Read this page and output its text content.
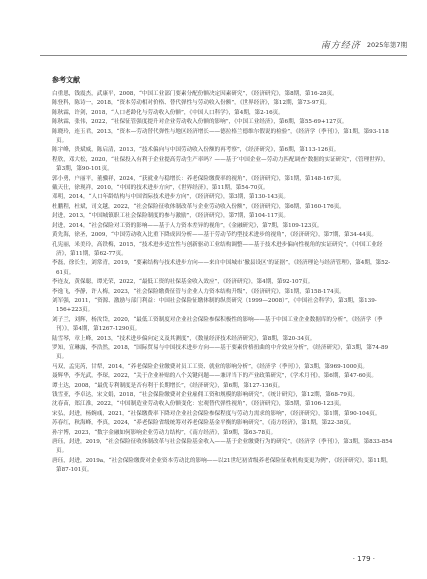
南方经济 2025年第7期
参考文献
白重恩，钱震杰，武康平，2008，“中国工业部门要素分配份额决定因素研究”，《经济研究》，第8期，第16-28页。
陈登科，陈诗一，2018，“资本劳动相对价格、替代弹性与劳动收入份额”，《世界经济》，第12期，第73-97页。
陈秋霖，许剑，2018，“人口老龄化与劳动收入份额”，《中国人口科学》，第4期，第2-16页。
陈秋霖，张伟，2022，“社保征管强度提升对企业劳动收入份额的影响”，《中国工业经济》，第6期，第55-69+127页。
陈晓玲，连玉君，2013，“资本—劳动替代弹性与地区经济增长——德拉格兰德维尔假说的检验”，《经济学（季刊）》，第1期，第93-118页。
陈宇峰，贵斌威，陈启清，2013，“技术偏向与中国劳动收入份额的再考察”，《经济研究》，第6期，第113-126页。
程欣，邓大松，2020，“社保投入有利于企业提高劳动生产率吗？——基于‘中国企业—劳动力匹配调查’数据的实证研究”，《管理世界》，第3期，第90-101页。
郭小勇，户丽平，董骥祥，2024，“获就业与稳增长：养老保险缴费率的视角”，《经济研究》，第1期，第148-167页。
戴天仕，徐现祥，2010，“中国的技术进步方向”，《世界经济》，第11期，第54-70页。
邓明，2014，“人口年龄结构与中国省际技术进步方向”，《经济研究》，第3期，第130-143页。
杜鹏程，杜斌，司文越，2022，“社会保险征收体制改革与企业劳动收入份额”，《经济研究》，第6期，第160-176页。
封进，2013，“中国城镇职工社会保险制度的参与激励”，《经济研究》，第7期，第104-117页。
封进，2014，“社会保险对工资的影响——基于人力资本差异的视角”，《金融研究》，第7期，第109-123页。
黄先海，徐圣，2009，“中国劳动收入比重下降成因分析——基于劳动节约型技术进步的视角”，《经济研究》，第7期，第34-44页。
孔宪丽，米美玲，高铁梅，2015，“技术进步适宜性与创新驱动工业结构调整——基于技术进步偏向性视角的实证研究”，《中国工业经济》，第11期，第62-77页。
李磊，徐长生，刘常青，2019，“要素结构与技术进步方向——来自中国城市‘撤县设区’的证据”，《经济理论与经济管理》，第4期，第52-61页。
李连友，黄保聪，谭光荣，2022，“最低工资的社保基金收入效应”，《经济研究》，第4期，第92-107页。
李逸飞，李静，许人梅，2023，“社会保险缴费征管与企业人力资本结构升级”，《经济研究》，第1期，第158-174页。
刘军强，2011，“资源、激励与部门利益：中国社会保险征缴体制的纵贯研究（1999—2008）”，《中国社会科学》，第3期，第139-156+223页。
刘子兰，刘辉，杨汝岱，2020，“最低工资制度对企业社会保险参保积极性的影响——基于中国工业企业数据库的分析”，《经济学（季刊）》，第4期，第1267-1290页。
陆雪琴，章上峰，2013，“技术进步偏向定义及其测度”，《数量经济技术经济研究》，第8期，第20-34页。
罗知，宣琳露，李浩然，2018，“国际贸易与中国技术进步方向——基于要素价格扭曲的中介效应分析”，《经济研究》，第3期，第74-89页。
马双，孟宪芮，甘犁，2014，“养老保险企业缴费对员工工资、就业的影响分析”，《经济学（季刊）》，第3期，第969-1000页。
聂辉华，李光武，李琛，2022，“关于企业补贴的八个关键问题——兼评当下的产业政策研究”，《学术月刊》，第6期，第47-60页。
谭士达，2008，“最优专利制度是否有利于长期增长”，《经济研究》，第6期，第127-136页。
钱雪亚，李卓达，宋文娟，2018，“社会保险缴费对企业雇佣工资和规模的影响研究”，《统计研究》，第12期，第68-79页。
沈春苗，郑江淮，2022，“中国制造业劳动收入份额变化：宏观替代弹性视角”，《经济研究》，第5期，第106-123页。
宋弘，封进，杨婉彧，2021，“社保缴费率下降对企业社会保险参保程度与劳动力需求的影响”，《经济研究》，第1期，第90-104页。
苏春红，秋海峰，李真，2024，“养老保险省级统筹对养老保险基金平衡的影响研究”，《南方经济》，第1期，第22-38页。
孙宇博，2023，“数字金融如何影响企业劳动力结构”，《南方经济》，第9期，第63-78页。
唐珏，封进，2019，“社会保险征收体制改革与社会保险基金收入——基于企业缴费行为的研究”，《经济学（季刊）》，第3期，第833-854页。
唐珏，封进，2019a，“社会保险缴费对企业资本劳动比的影响——以21世纪初省级养老保险征收机构变更为例”，《经济研究》，第11期，第87-101页。
· 179 ·
